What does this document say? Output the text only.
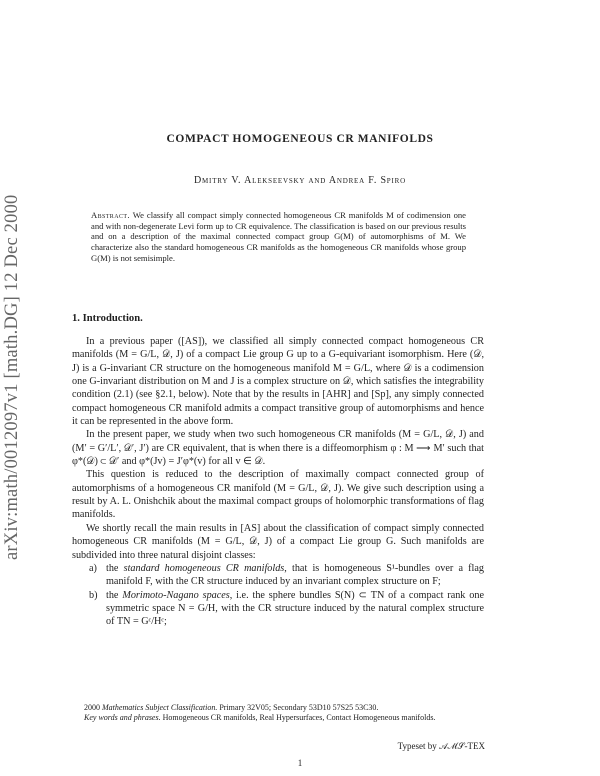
arXiv:math/0012097v1 [math.DG] 12 Dec 2000
COMPACT HOMOGENEOUS CR MANIFOLDS
Dmitry V. Alekseevsky and Andrea F. Spiro
Abstract. We classify all compact simply connected homogeneous CR manifolds M of codimension one and with non-degenerate Levi form up to CR equivalence. The classification is based on our previous results and on a description of the maximal connected compact group G(M) of automorphisms of M. We characterize also the standard homogeneous CR manifolds as the homogeneous CR manifolds whose group G(M) is not semisimple.
1. Introduction.

In a previous paper ([AS]), we classified all simply connected compact homogeneous CR manifolds (M = G/L, 𝒟, J) of a compact Lie group G up to a G-equivariant isomorphism. Here (𝒟, J) is a G-invariant CR structure on the homogeneous manifold M = G/L, where 𝒟 is a codimension one G-invariant distribution on M and J is a complex structure on 𝒟, which satisfies the integrability condition (2.1) (see §2.1, below). Note that by the results in [AHR] and [Sp], any simply connected compact homogeneous CR manifold admits a compact transitive group of automorphisms and hence it can be represented in the above form.

In the present paper, we study when two such homogeneous CR manifolds (M = G/L, 𝒟, J) and (M′ = G′/L′, 𝒟′, J′) are CR equivalent, that is when there is a diffeomorphism φ : M ⟶ M′ such that φ*(𝒟) ⊂ 𝒟′ and φ*(Jv) = J′φ*(v) for all v ∈ 𝒟.

This question is reduced to the description of maximally compact connected group of automorphisms of a homogeneous CR manifold (M = G/L, 𝒟, J). We give such description using a result by A. L. Onishchik about the maximal compact groups of holomorphic transformations of flag manifolds.

We shortly recall the main results in [AS] about the classification of compact simply connected homogeneous CR manifolds (M = G/L, 𝒟, J) of a compact Lie group G. Such manifolds are subdivided into three natural disjoint classes:

a) the standard homogeneous CR manifolds, that is homogeneous S¹-bundles over a flag manifold F, with the CR structure induced by an invariant complex structure on F;
b) the Morimoto-Nagano spaces, i.e. the sphere bundles S(N) ⊂ TN of a compact rank one symmetric space N = G/H, with the CR structure induced by the natural complex structure of TN = Gᶜ/Hᶜ;

2000 Mathematics Subject Classification. Primary 32V05; Secondary 53D10 57S25 53C30.

Key words and phrases. Homogeneous CR manifolds, Real Hypersurfaces, Contact Homogeneous manifolds.

Typeset by 𝒜ℳ𝒮-TEX
1
